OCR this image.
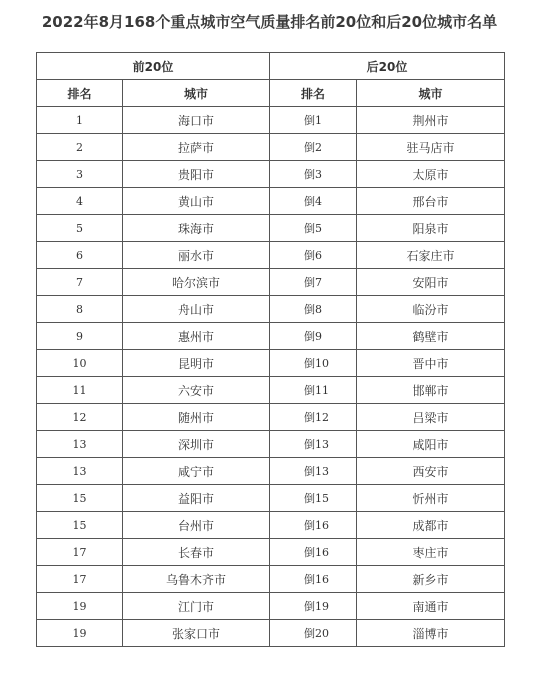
2022年8月168个重点城市空气质量排名前20位和后20位城市名单
前20位		后20位	
排名	城市	排名	城市
1	海口市	倒1	荆州市
2	拉萨市	倒2	驻马店市
3	贵阳市	倒3	太原市
4	黄山市	倒4	邢台市
5	珠海市	倒5	阳泉市
6	丽水市	倒6	石家庄市
7	哈尔滨市	倒7	安阳市
8	舟山市	倒8	临汾市
9	惠州市	倒9	鹤壁市
10	昆明市	倒10	晋中市
11	六安市	倒11	邯郸市
12	随州市	倒12	吕梁市
13	深圳市	倒13	咸阳市
13	咸宁市	倒13	西安市
15	益阳市	倒15	忻州市
15	台州市	倒16	成都市
17	长春市	倒16	枣庄市
17	乌鲁木齐市	倒16	新乡市
19	江门市	倒19	南通市
19	张家口市	倒20	淄博市
